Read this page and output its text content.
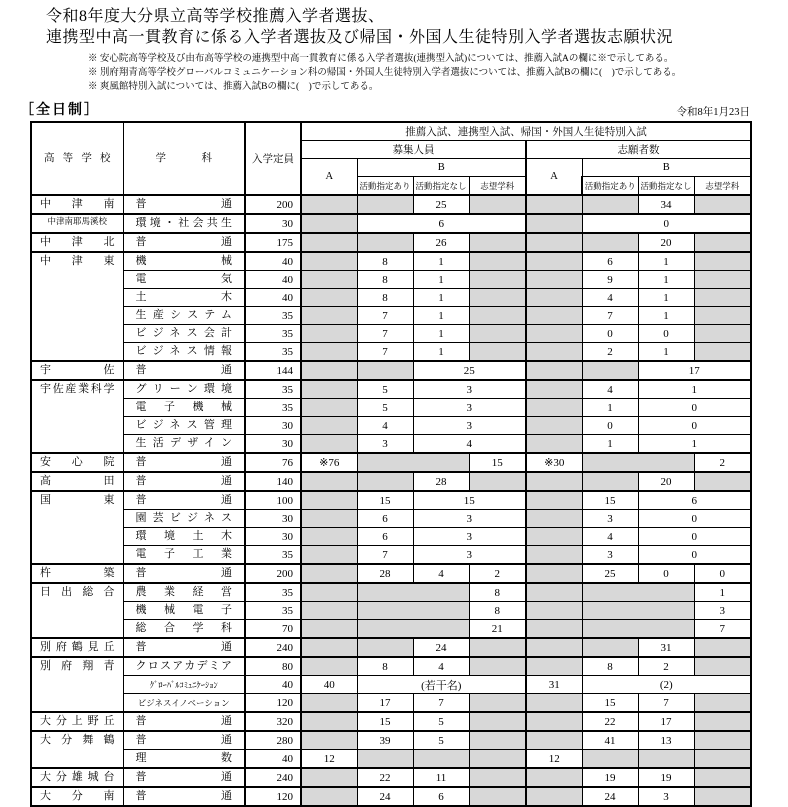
令和8年度大分県立高等学校推薦入学者選抜、
連携型中高一貫教育に係る入学者選抜及び帰国・外国人生徒特別入学者選抜志願状況
※ 安心院高等学校及び由布高等学校の連携型中高一貫教育に係る入学者選抜(連携型入試)については、推薦入試Aの欄に※で示してある。
※ 別府翔青高等学校グローバルコミュニケーション科の帰国・外国人生徒特別入学者選抜については、推薦入試Bの欄に(　)で示してある。
※ 爽風館特別入試については、推薦入試Bの欄に(　)で示してある。
［全日制］	令和8年1月23日
高等学校	学科	入学定員	推薦入試、連携型入試、帰国・外国人生徒特別入試							
			募集人員				志願者数			
			A	B			A	B		
				活動指定あり	活動指定なし	志望学科		活動指定あり	活動指定なし	志望学科

中津南	普通	200			25				34	
中津南耶馬溪校	環境・社会共生	30		6				0		

中津北	普通	175			26				20	

中津東	機械	40		8	1			6	1	

	電気	40		8	1			9	1	

	土木	40		8	1			4	1	

	生産システム	35		7	1			7	1	

	ビジネス会計	35		7	1			0	0	

	ビジネス情報	35		7	1			2	1	

宇佐	普通	144			25				17	

宇佐産業科学	グリーン環境	35		5	3			4	1	

	電子機械	35		5	3			1	0	

	ビジネス管理	30		4	3			0	0	

	生活デザイン	30		3	4			1	1	

安心院	普通	76	※76			15	※30			2

高田	普通	140			28				20	

国東	普通	100		15	15			15	6	

	園芸ビジネス	30		6	3			3	0	

	環境土木	30		6	3			4	0	

	電子工業	35		7	3			3	0	

杵築	普通	200		28	4	2		25	0	0

日出総合	農業経営	35				8				1

	機械電子	35				8				3

	総合学科	70				21				7

別府鶴見丘	普通	240			24				31	

別府翔青	クロスアカデミア	80		8	4			8	2	
	ｸﾞﾛｰﾊﾞﾙｺﾐｭﾆｹｰｼｮﾝ	40	40	(若干名)			31	(2)		
	ビジネスイノベーション	120		17	7			15	7	

大分上野丘	普通	320		15	5			22	17	

大分舞鶴	普通	280		39	5			41	13	

	理数	40	12				12			

大分雄城台	普通	240		22	11			19	19	

大分南	普通	120		24	6			24	3	
